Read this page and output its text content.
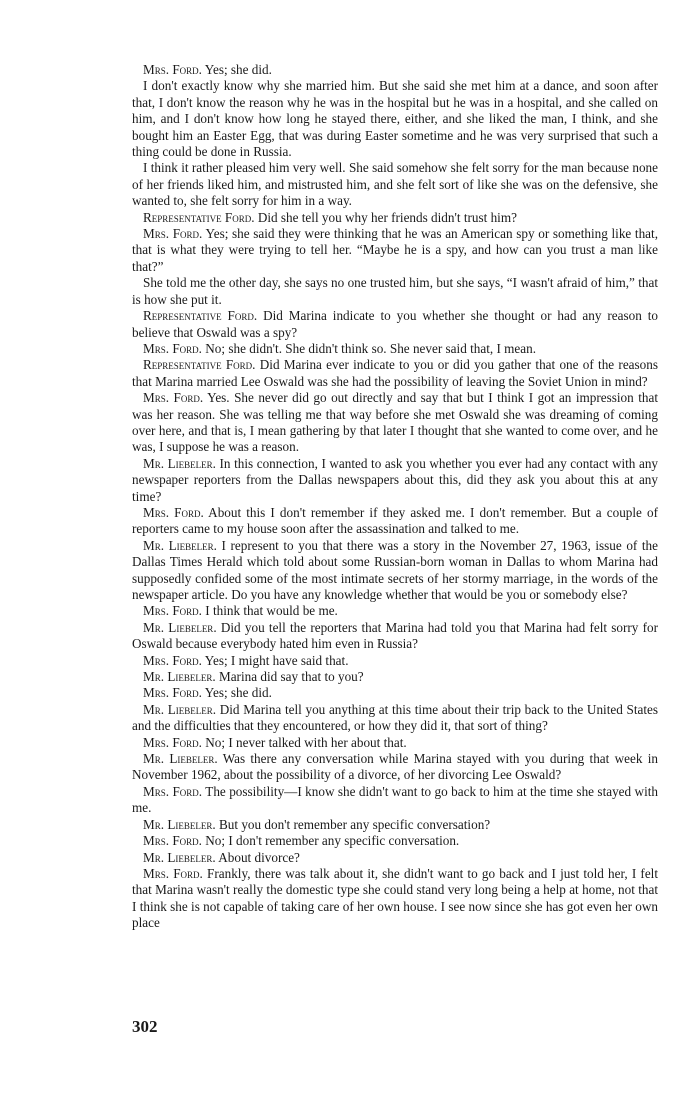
Mrs. Ford. Yes; she did.

I don't exactly know why she married him. But she said she met him at a dance, and soon after that, I don't know the reason why he was in the hospital but he was in a hospital, and she called on him, and I don't know how long he stayed there, either, and she liked the man, I think, and she bought him an Easter Egg, that was during Easter sometime and he was very surprised that such a thing could be done in Russia.

I think it rather pleased him very well. She said somehow she felt sorry for the man because none of her friends liked him, and mistrusted him, and she felt sort of like she was on the defensive, she wanted to, she felt sorry for him in a way.

Representative Ford. Did she tell you why her friends didn't trust him?

Mrs. Ford. Yes; she said they were thinking that he was an American spy or something like that, that is what they were trying to tell her. “Maybe he is a spy, and how can you trust a man like that?”

She told me the other day, she says no one trusted him, but she says, “I wasn't afraid of him,” that is how she put it.

Representative Ford. Did Marina indicate to you whether she thought or had any reason to believe that Oswald was a spy?

Mrs. Ford. No; she didn't. She didn't think so. She never said that, I mean.

Representative Ford. Did Marina ever indicate to you or did you gather that one of the reasons that Marina married Lee Oswald was she had the possibility of leaving the Soviet Union in mind?

Mrs. Ford. Yes. She never did go out directly and say that but I think I got an impression that was her reason. She was telling me that way before she met Oswald she was dreaming of coming over here, and that is, I mean gathering by that later I thought that she wanted to come over, and he was, I suppose he was a reason.

Mr. Liebeler. In this connection, I wanted to ask you whether you ever had any contact with any newspaper reporters from the Dallas newspapers about this, did they ask you about this at any time?

Mrs. Ford. About this I don't remember if they asked me. I don't remember. But a couple of reporters came to my house soon after the assassination and talked to me.

Mr. Liebeler. I represent to you that there was a story in the November 27, 1963, issue of the Dallas Times Herald which told about some Russian-born woman in Dallas to whom Marina had supposedly confided some of the most intimate secrets of her stormy marriage, in the words of the newspaper article. Do you have any knowledge whether that would be you or somebody else?

Mrs. Ford. I think that would be me.

Mr. Liebeler. Did you tell the reporters that Marina had told you that Marina had felt sorry for Oswald because everybody hated him even in Russia?

Mrs. Ford. Yes; I might have said that.

Mr. Liebeler. Marina did say that to you?

Mrs. Ford. Yes; she did.

Mr. Liebeler. Did Marina tell you anything at this time about their trip back to the United States and the difficulties that they encountered, or how they did it, that sort of thing?

Mrs. Ford. No; I never talked with her about that.

Mr. Liebeler. Was there any conversation while Marina stayed with you during that week in November 1962, about the possibility of a divorce, of her divorcing Lee Oswald?

Mrs. Ford. The possibility—I know she didn't want to go back to him at the time she stayed with me.

Mr. Liebeler. But you don't remember any specific conversation?

Mrs. Ford. No; I don't remember any specific conversation.

Mr. Liebeler. About divorce?

Mrs. Ford. Frankly, there was talk about it, she didn't want to go back and I just told her, I felt that Marina wasn't really the domestic type she could stand very long being a help at home, not that I think she is not capable of taking care of her own house. I see now since she has got even her own place

302
